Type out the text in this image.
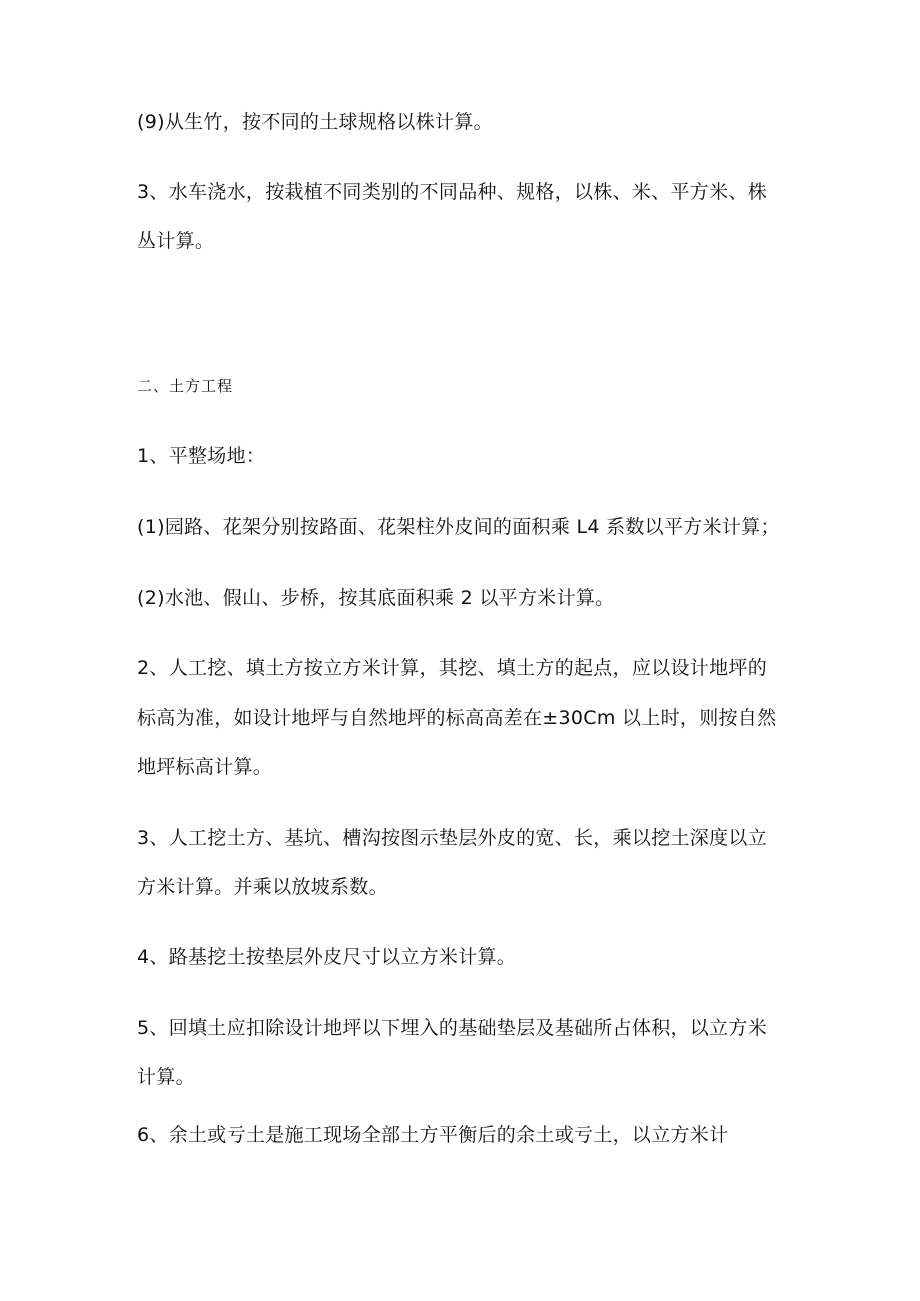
(9)从生竹，按不同的土球规格以株计算。
3、水车浇水，按栽植不同类别的不同品种、规格，以株、米、平方米、株
丛计算。
二、土方工程
1、平整场地：
(1)园路、花架分别按路面、花架柱外皮间的面积乘 L4 系数以平方米计算；
(2)水池、假山、步桥，按其底面积乘 2 以平方米计算。
2、人工挖、填土方按立方米计算，其挖、填土方的起点，应以设计地坪的
标高为准，如设计地坪与自然地坪的标高高差在±30Cm 以上时，则按自然
地坪标高计算。
3、人工挖土方、基坑、槽沟按图示垫层外皮的宽、长，乘以挖土深度以立
方米计算。并乘以放坡系数。
4、路基挖土按垫层外皮尺寸以立方米计算。
5、回填土应扣除设计地坪以下埋入的基础垫层及基础所占体积，以立方米
计算。
6、余土或亏土是施工现场全部土方平衡后的余土或亏土，以立方米计
